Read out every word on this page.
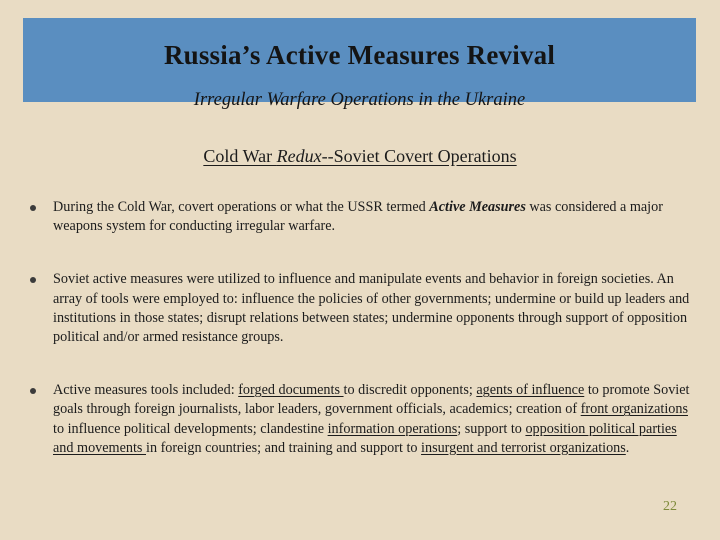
Russia’s Active Measures Revival
Irregular Warfare Operations in the Ukraine
Cold War Redux--Soviet Covert Operations
During the Cold War, covert operations or what the USSR termed Active Measures was considered a major weapons system for conducting irregular warfare.
Soviet active measures were utilized to influence and manipulate events and behavior in foreign societies. An array of tools were employed to: influence the policies of other governments; undermine or build up leaders and institutions in those states; disrupt relations between states; undermine opponents through support of opposition political and/or armed resistance groups.
Active measures tools included: forged documents to discredit opponents; agents of influence to promote Soviet goals through foreign journalists, labor leaders, government officials, academics; creation of front organizations to influence political developments; clandestine information operations; support to opposition political parties and movements in foreign countries; and training and support to insurgent and terrorist organizations.
22
